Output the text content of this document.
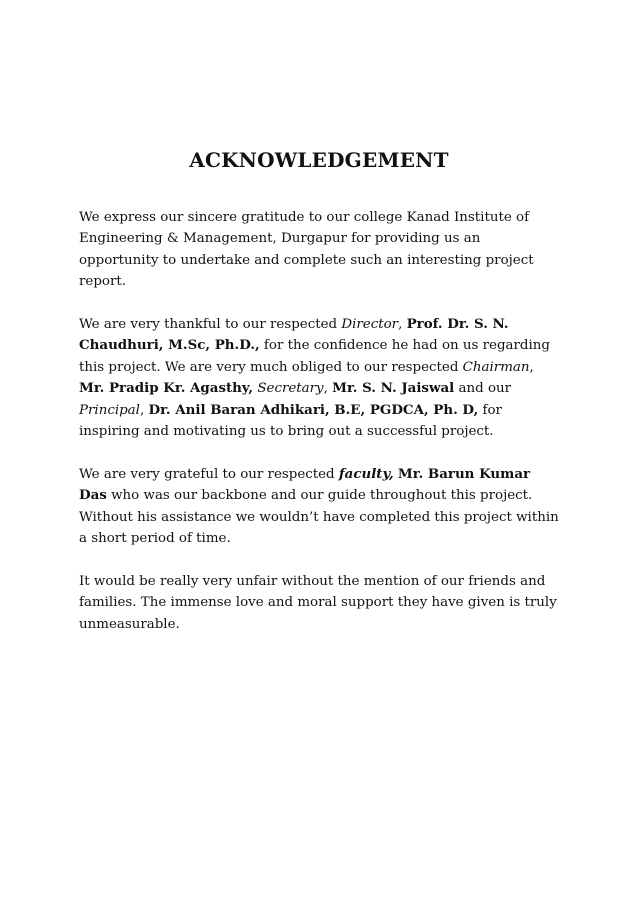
ACKNOWLEDGEMENT

We express our sincere gratitude to our college Kanad Institute of
Engineering & Management, Durgapur for providing us an
opportunity to undertake and complete such an interesting project
report.

We are very thankful to our respected Director, Prof. Dr. S. N.
Chaudhuri, M.Sc, Ph.D., for the confidence he had on us regarding
this project. We are very much obliged to our respected Chairman,
Mr. Pradip Kr. Agasthy, Secretary, Mr. S. N. Jaiswal and our
Principal, Dr. Anil Baran Adhikari, B.E, PGDCA, Ph. D, for
inspiring and motivating us to bring out a successful project.

We are very grateful to our respected faculty, Mr. Barun Kumar
Das who was our backbone and our guide throughout this project.
Without his assistance we wouldn’t have completed this project within
a short period of time.

It would be really very unfair without the mention of our friends and
families. The immense love and moral support they have given is truly
unmeasurable.
